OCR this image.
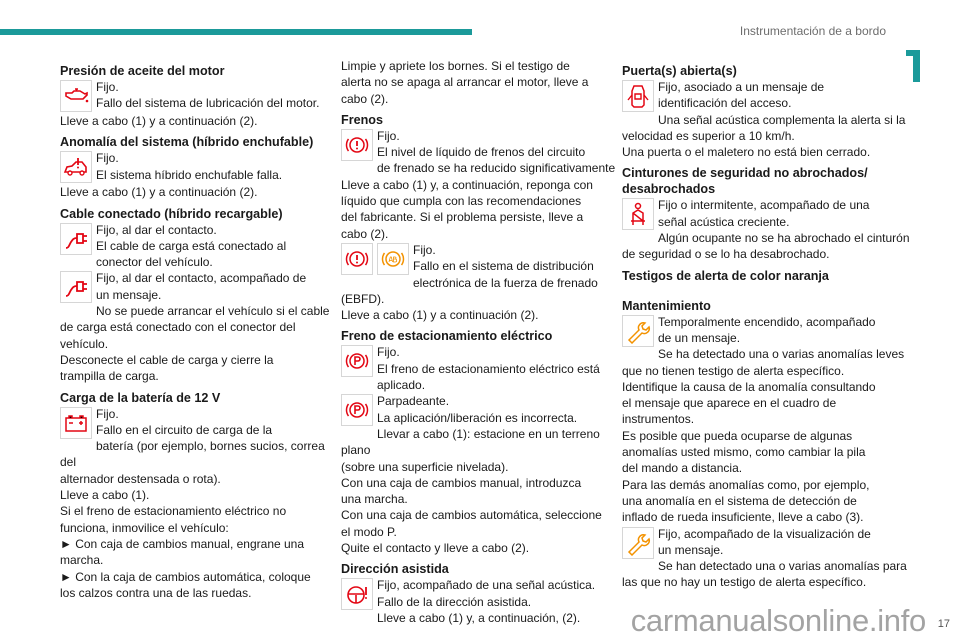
Instrumentación de a bordo
Presión de aceite del motor
Fijo.
Fallo del sistema de lubricación del motor.
Lleve a cabo (1) y a continuación (2).
Anomalía del sistema (híbrido enchufable)
Fijo.
El sistema híbrido enchufable falla.
Lleve a cabo (1) y a continuación (2).
Cable conectado (híbrido recargable)
Fijo, al dar el contacto.
El cable de carga está conectado al
conector del vehículo.
Fijo, al dar el contacto, acompañado de
un mensaje.
No se puede arrancar el vehículo si el cable
de carga está conectado con el conector del
vehículo.
Desconecte el cable de carga y cierre la
trampilla de carga.
Carga de la batería de 12 V
Fijo.
Fallo en el circuito de carga de la
batería (por ejemplo, bornes sucios, correa del
alternador destensada o rota).
Lleve a cabo (1).
Si el freno de estacionamiento eléctrico no
funciona, inmovilice el vehículo:
► Con caja de cambios manual, engrane una
marcha.
► Con la caja de cambios automática, coloque
los calzos contra una de las ruedas.
Limpie y apriete los bornes. Si el testigo de
alerta no se apaga al arrancar el motor, lleve a
cabo (2).
Frenos
Fijo.
El nivel de líquido de frenos del circuito
de frenado se ha reducido significativamente
Lleve a cabo (1) y, a continuación, reponga con
líquido que cumpla con las recomendaciones
del fabricante. Si el problema persiste, lleve a
cabo (2).
Fijo.
Fallo en el sistema de distribución
electrónica de la fuerza de frenado (EBFD).
Lleve a cabo (1) y a continuación (2).
Freno de estacionamiento eléctrico
Fijo.
El freno de estacionamiento eléctrico está
aplicado.
Parpadeante.
La aplicación/liberación es incorrecta.
Llevar a cabo (1): estacione en un terreno plano
(sobre una superficie nivelada).
Con una caja de cambios manual, introduzca
una marcha.
Con una caja de cambios automática, seleccione
el modo P.
Quite el contacto y lleve a cabo (2).
Dirección asistida
Fijo, acompañado de una señal acústica.
Fallo de la dirección asistida.
Lleve a cabo (1) y, a continuación, (2).
Puerta(s) abierta(s)
Fijo, asociado a un mensaje de
identificación del acceso.
Una señal acústica complementa la alerta si la
velocidad es superior a 10 km/h.
Una puerta o el maletero no está bien cerrado.
Cinturones de seguridad no abrochados/
desabrochados
Fijo o intermitente, acompañado de una
señal acústica creciente.
Algún ocupante no se ha abrochado el cinturón
de seguridad o se lo ha desabrochado.
Testigos de alerta de color naranja
Mantenimiento
Temporalmente encendido, acompañado
de un mensaje.
Se ha detectado una o varias anomalías leves
que no tienen testigo de alerta específico.
Identifique la causa de la anomalía consultando
el mensaje que aparece en el cuadro de
instrumentos.
Es posible que pueda ocuparse de algunas
anomalías usted mismo, como cambiar la pila
del mando a distancia.
Para las demás anomalías como, por ejemplo,
una anomalía en el sistema de detección de
inflado de rueda insuficiente, lleve a cabo (3).
Fijo, acompañado de la visualización de
un mensaje.
Se han detectado una o varias anomalías para
las que no hay un testigo de alerta específico.
carmanualsonline.info 17
